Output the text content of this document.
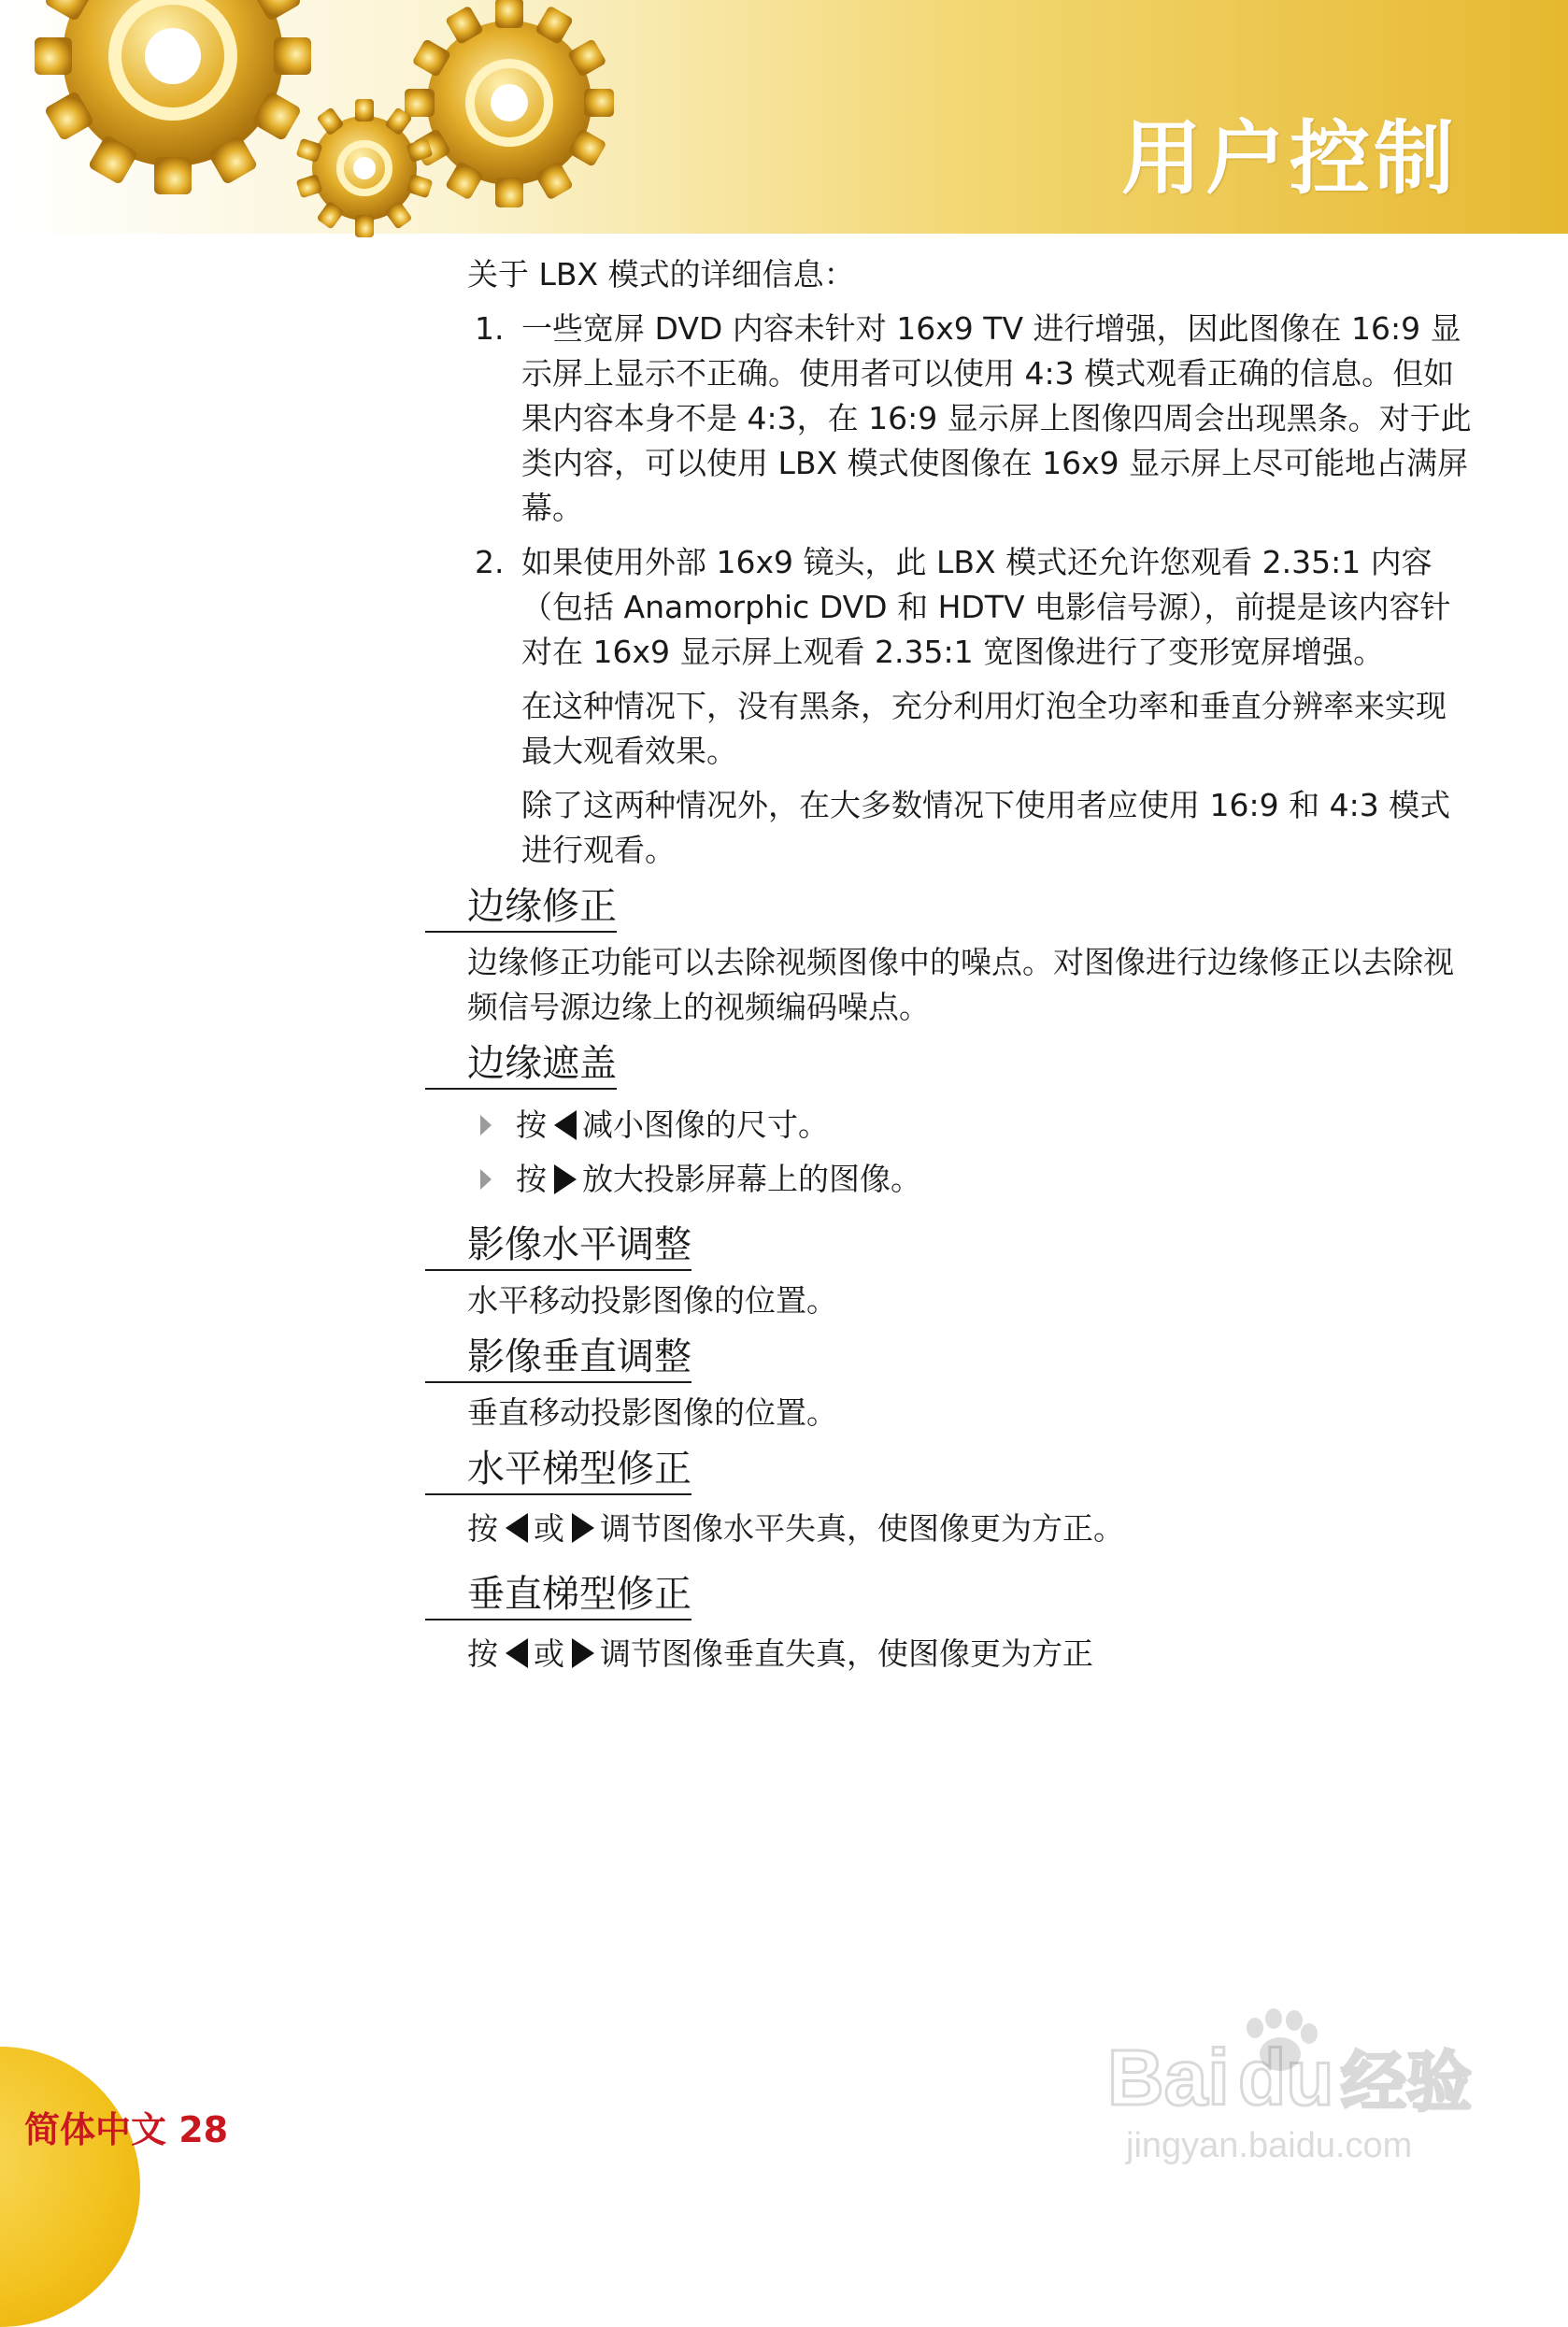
用户控制

关于 LBX 模式的详细信息：

1. 一些宽屏 DVD 内容未针对 16x9 TV 进行增强，因此图像在 16:9 显示屏上显示不正确。使用者可以使用 4:3 模式观看正确的信息。但如果内容本身不是 4:3，在 16:9 显示屏上图像四周会出现黑条。对于此类内容，可以使用 LBX 模式使图像在 16x9 显示屏上尽可能地占满屏幕。
2. 如果使用外部 16x9 镜头，此 LBX 模式还允许您观看 2.35:1 内容（包括 Anamorphic DVD 和 HDTV 电影信号源），前提是该内容针对在 16x9 显示屏上观看 2.35:1 宽图像进行了变形宽屏增强。

在这种情况下，没有黑条，充分利用灯泡全功率和垂直分辨率来实现最大观看效果。

除了这两种情况外，在大多数情况下使用者应使用 16:9 和 4:3 模式进行观看。

边缘修正

边缘修正功能可以去除视频图像中的噪点。对图像进行边缘修正以去除视频信号源边缘上的视频编码噪点。

边缘遮盖
按 减小图像的尺寸。
按 放大投影屏幕上的图像。
影像水平调整

水平移动投影图像的位置。

影像垂直调整

垂直移动投影图像的位置。

水平梯型修正
按 或 调节图像水平失真，使图像更为方正。
垂直梯型修正
按 或 调节图像垂直失真，使图像更为方正
简体中文 28
Bai du 经验
jingyan.baidu.com
